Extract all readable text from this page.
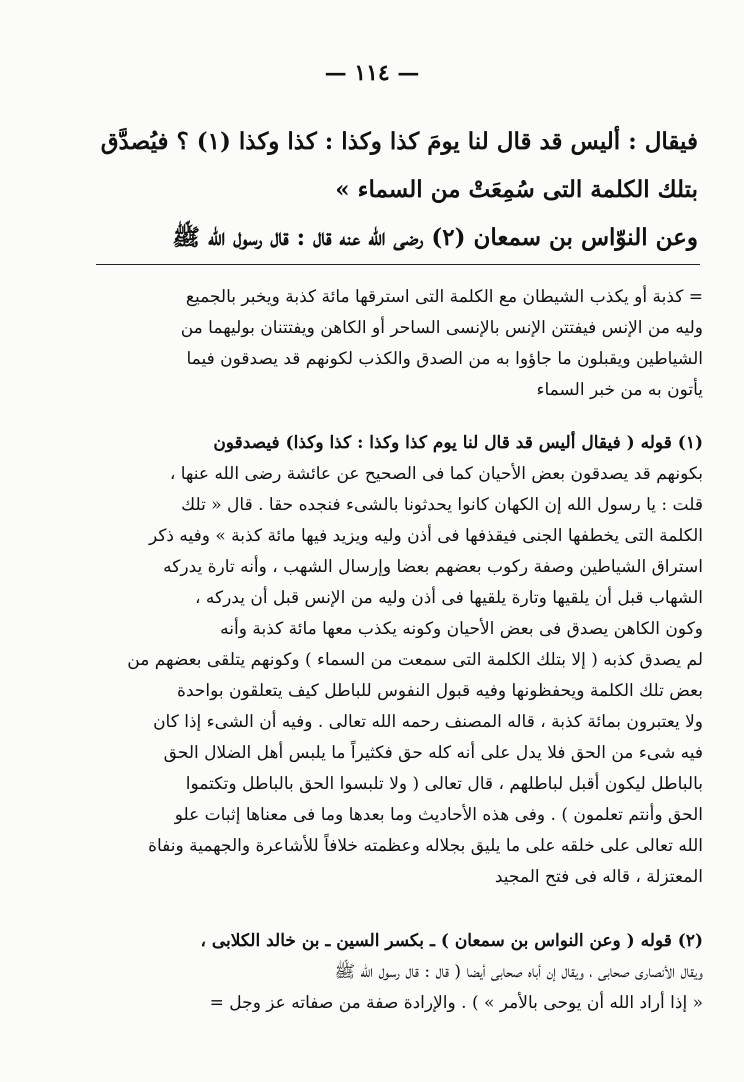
— ١١٤ —
فيقال : أليس قد قال لنا يومَ كذا وكذا : كذا وكذا (١) ؟ فيُصدَّق
بتلك الكلمة التى سُمِعَتْ من السماء »
وعن النوّاس بن سمعان (٢) رضى الله عنه قال : قال رسول الله ﷺ
= كذبة أو يكذب الشيطان مع الكلمة التى استرقها مائة كذبة ويخبر بالجميع
وليه من الإنس فيفتتن الإنس بالإنسى الساحر أو الكاهن ويفتتنان بوليهما من
الشياطين ويقبلون ما جاؤوا به من الصدق والكذب لكونهم قد يصدقون فيما
يأتون به من خبر السماء
(١) قوله ( فيقال أليس قد قال لنا يوم كذا وكذا : كذا وكذا) فيصدقون
بكونهم قد يصدقون بعض الأحيان كما فى الصحيح عن عائشة رضى الله عنها ،
قلت : يا رسول الله إن الكهان كانوا يحدثونا بالشىء فنجده حقا . قال « تلك
الكلمة التى يخطفها الجنى فيقذفها فى أذن وليه ويزيد فيها مائة كذبة » وفيه ذكر
استراق الشياطين وصفة ركوب بعضهم بعضا وإرسال الشهب ، وأنه تارة يدركه
الشهاب قبل أن يلقيها وتارة يلقيها فى أذن وليه من الإنس قبل أن يدركه ،
وكون الكاهن يصدق فى بعض الأحيان وكونه يكذب معها مائة كذبة وأنه
لم يصدق كذبه ( إلا بتلك الكلمة التى سمعت من السماء ) وكونهم يتلقى بعضهم من
بعض تلك الكلمة ويحفظونها وفيه قبول النفوس للباطل كيف يتعلقون بواحدة
ولا يعتبرون بمائة كذبة ، قاله المصنف رحمه الله تعالى . وفيه أن الشىء إذا كان
فيه شىء من الحق فلا يدل على أنه كله حق فكثيراً ما يلبس أهل الضلال الحق
بالباطل ليكون أقبل لباطلهم ، قال تعالى ( ولا تلبسوا الحق بالباطل وتكتموا
الحق وأنتم تعلمون ) . وفى هذه الأحاديث وما بعدها وما فى معناها إثبات علو
الله تعالى على خلقه على ما يليق بجلاله وعظمته خلافاً للأشاعرة والجهمية ونفاة
المعتزلة ، قاله فى فتح المجيد
(٢) قوله ( وعن النواس بن سمعان ) ـ بكسر السين ـ بن خالد الكلابى ،
ويقال الأنصارى صحابى ، ويقال إن أباه صحابى أيضا ( قال : قال رسول الله ﷺ
« إذا أراد الله أن يوحى بالأمر » ) . والإرادة صفة من صفاته عز وجل =
